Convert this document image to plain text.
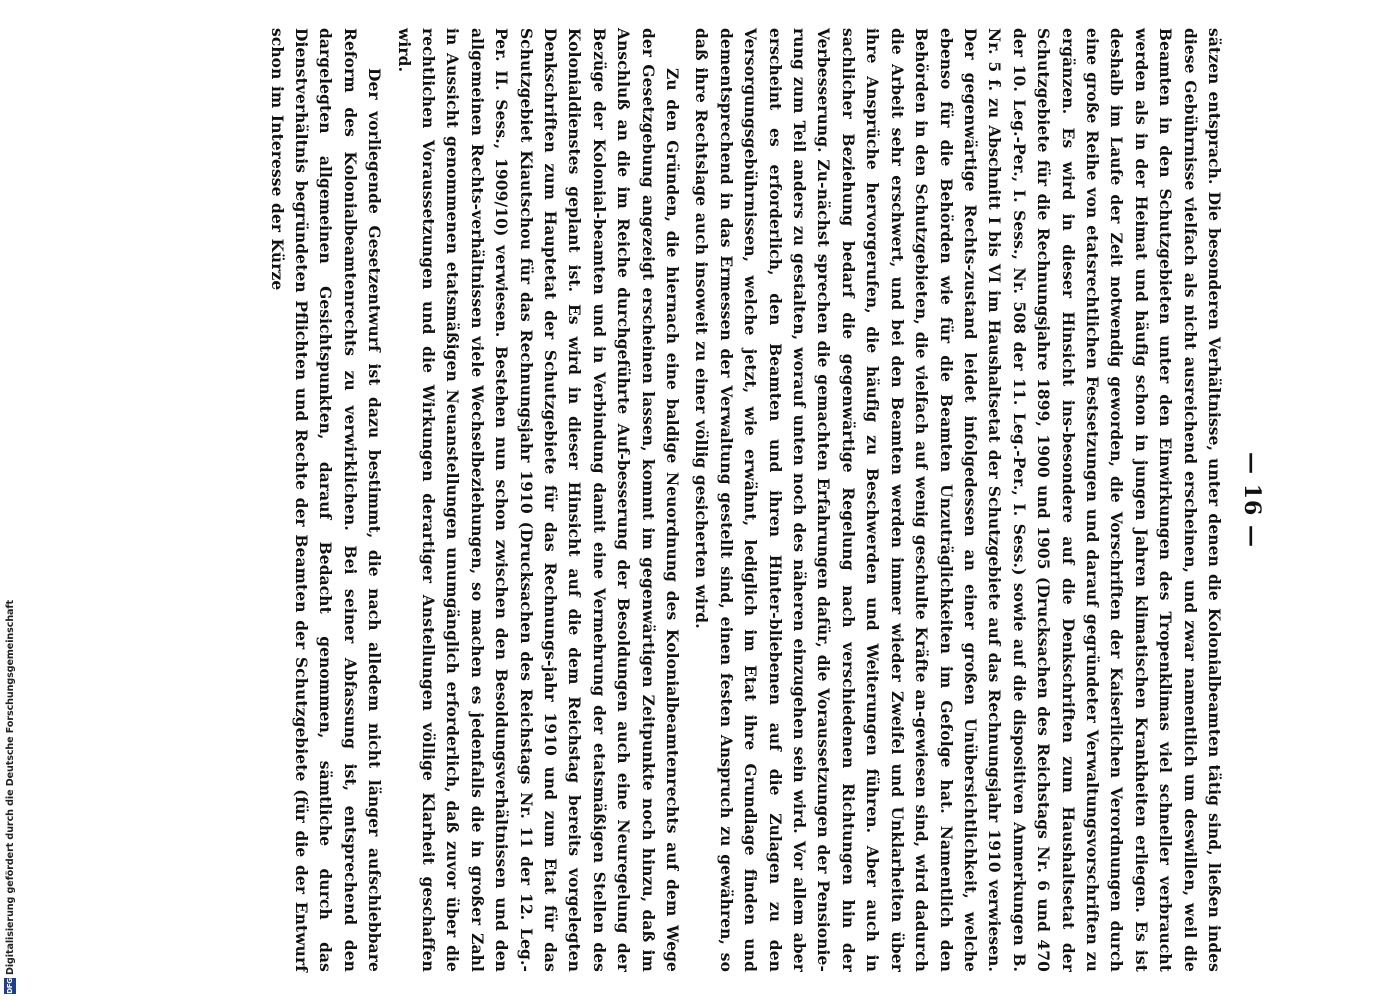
— 16 —

sätzen entsprach. Die besonderen Verhältnisse, unter denen die Kolonialbeamten tätig sind, ließen indes diese Gebührnisse vielfach als nicht ausreichend erscheinen, und zwar namentlich um deswillen, weil die Beamten in den Schutzgebieten unter den Einwirkungen des Tropenklimas viel schneller verbraucht werden als in der Heimat und häufig schon in jungen Jahren klimatischen Krankheiten erliegen. Es ist deshalb im Laufe der Zeit notwendig geworden, die Vorschriften der Kaiserlichen Verordnungen durch eine große Reihe von etatsrechtlichen Festsetzungen und darauf gegründeter Verwaltungsvorschriften zu ergänzen. Es wird in dieser Hinsicht ins-besondere auf die Denkschriften zum Haushaltsetat der Schutzgebiete für die Rechnungsjahre 1899, 1900 und 1905 (Drucksachen des Reichstags Nr. 6 und 470 der 10. Leg.-Per., I. Sess., Nr. 508 der 11. Leg.-Per., I. Sess.) sowie auf die dispositiven Anmerkungen B. Nr. 5 f. zu Abschnitt I bis VI im Haushaltsetat der Schutzgebiete auf das Rechnungsjahr 1910 verwiesen. Der gegenwärtige Rechts-zustand leidet infolgedessen an einer großen Unübersichtlichkeit, welche ebenso für die Behörden wie für die Beamten Unzuträglichkeiten im Gefolge hat. Namentlich den Behörden in den Schutzgebieten, die vielfach auf wenig geschulte Kräfte an-gewiesen sind, wird dadurch die Arbeit sehr erschwert, und bei den Beamten werden immer wieder Zweifel und Unklarheiten über ihre Ansprüche hervorgerufen, die häufig zu Beschwerden und Weiterungen führen. Aber auch in sachlicher Beziehung bedarf die gegenwärtige Regelung nach verschiedenen Richtungen hin der Verbesserung. Zu-nächst sprechen die gemachten Erfahrungen dafür, die Voraussetzungen der Pensionie-rung zum Teil anders zu gestalten, worauf unten noch des näheren einzugehen sein wird. Vor allem aber erscheint es erforderlich, den Beamten und ihren Hinter-bliebenen auf die Zulagen zu den Versorgungsgebührnissen, welche jetzt, wie erwähnt, lediglich im Etat ihre Grundlage finden und dementsprechend in das Ermessen der Verwaltung gestellt sind, einen festen Anspruch zu gewähren, so daß ihre Rechtslage auch insoweit zu einer völlig gesicherten wird.

Zu den Gründen, die hiernach eine baldige Neuordnung des Kolonialbeamtenrechts auf dem Wege der Gesetzgebung angezeigt erscheinen lassen, kommt im gegenwärtigen Zeitpunkte noch hinzu, daß im Anschluß an die im Reiche durchgeführte Auf-besserung der Besoldungen auch eine Neuregelung der Bezüge der Kolonial-beamten und in Verbindung damit eine Vermehrung der etatsmäßigen Stellen des Kolonialdienstes geplant ist. Es wird in dieser Hinsicht auf die dem Reichstag bereits vorgelegten Denkschriften zum Hauptetat der Schutzgebiete für das Rechnungs-jahr 1910 und zum Etat für das Schutzgebiet Kiautschou für das Rechnungsjahr 1910 (Drucksachen des Reichstags Nr. 11 der 12. Leg.-Per. II. Sess., 1909/10) verwiesen. Bestehen nun schon zwischen den Besoldungsverhältnissen und den allgemeinen Rechts-verhältnissen viele Wechselbeziehungen, so machen es jedenfalls die in großer Zahl in Aussicht genommenen etatsmäßigen Neuanstellungen unumgänglich erforderlich, daß zuvor über die rechtlichen Voraussetzungen und die Wirkungen derartiger Anstellungen völlige Klarheit geschaffen wird.

Der vorliegende Gesetzentwurf ist dazu bestimmt, die nach alledem nicht länger aufschiebbare Reform des Kolonialbeamtenrechts zu verwirklichen. Bei seiner Abfassung ist, entsprechend den dargelegten allgemeinen Gesichtspunkten, darauf Bedacht genommen, sämtliche durch das Dienstverhältnis begründeten Pflichten und Rechte der Beamten der Schutzgebiete (für die der Entwurf schon im Interesse der Kürze

DFG
Digitalisierung gefördert durch die Deutsche Forschungsgemeinschaft
